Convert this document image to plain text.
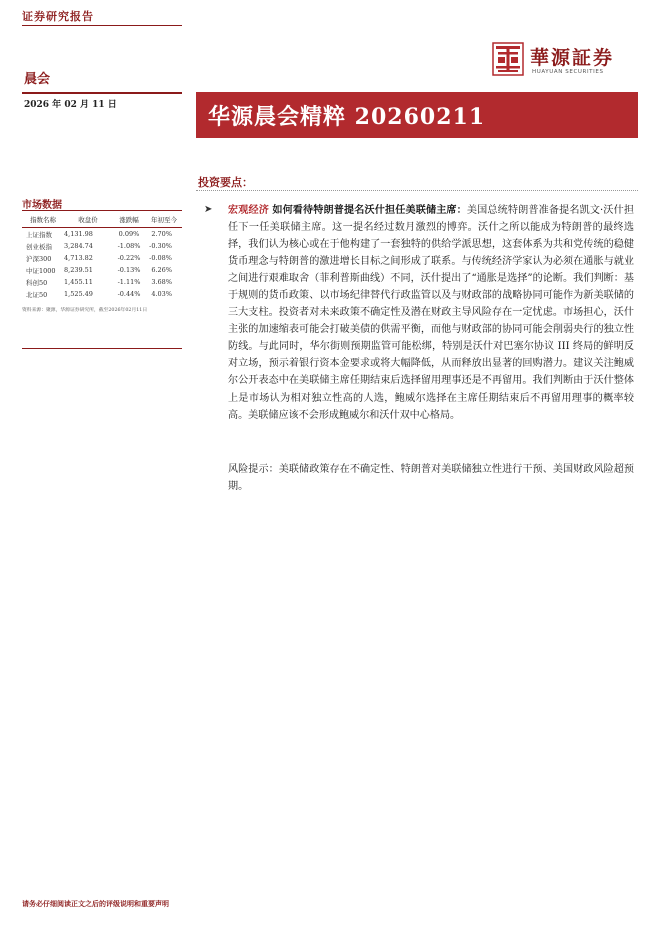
证券研究报告
華源証券
HUAYUAN SECURITIES
晨会
2026 年 02 月 11 日	华源晨会精粹 20260211
市场数据
指数名称	收盘价	涨跌幅	年初至今
上证指数	4,131.98	0.09%	2.70%
创业板指	3,284.74	-1.08%	-0.30%
沪深300	4,713.82	-0.22%	-0.08%
中证1000	8,239.51	-0.13%	6.26%
科创50	1,455.11	-1.11%	3.68%
北证50	1,525.49	-0.44%	4.03%
资料来源：聚源，华源证券研究所，截至2026年02月11日
投资要点：
➤ 宏观经济 如何看待特朗普提名沃什担任美联储主席：美国总统特朗普准备提名凯文·沃什担任下一任美联储主席。这一提名经过数月激烈的博弈。沃什之所以能成为特朗普的最终选择，我们认为核心或在于他构建了一套独特的供给学派思想，这套体系为共和党传统的稳健货币理念与特朗普的激进增长目标之间形成了联系。与传统经济学家认为必须在通胀与就业之间进行艰难取舍（菲利普斯曲线）不同，沃什提出了“通胀是选择”的论断。我们判断：基于规则的货币政策、以市场纪律替代行政监管以及与财政部的战略协同可能作为新美联储的三大支柱。投资者对未来政策不确定性及潜在财政主导风险存在一定忧虑。市场担心，沃什主张的加速缩表可能会打破美债的供需平衡，而他与财政部的协同可能会削弱央行的独立性防线。与此同时，华尔街则预期监管可能松绑，特别是沃什对巴塞尔协议 III 终局的鲜明反对立场，预示着银行资本金要求或将大幅降低，从而释放出显著的回购潜力。建议关注鲍威尔公开表态中在美联储主席任期结束后选择留用理事还是不再留用。我们判断由于沃什整体上是市场认为相对独立性高的人选，鲍威尔选择在主席任期结束后不再留用理事的概率较高。美联储应该不会形成鲍威尔和沃什双中心格局。
风险提示：美联储政策存在不确定性、特朗普对美联储独立性进行干预、美国财政风险超预期。
请务必仔细阅读正文之后的评级说明和重要声明
